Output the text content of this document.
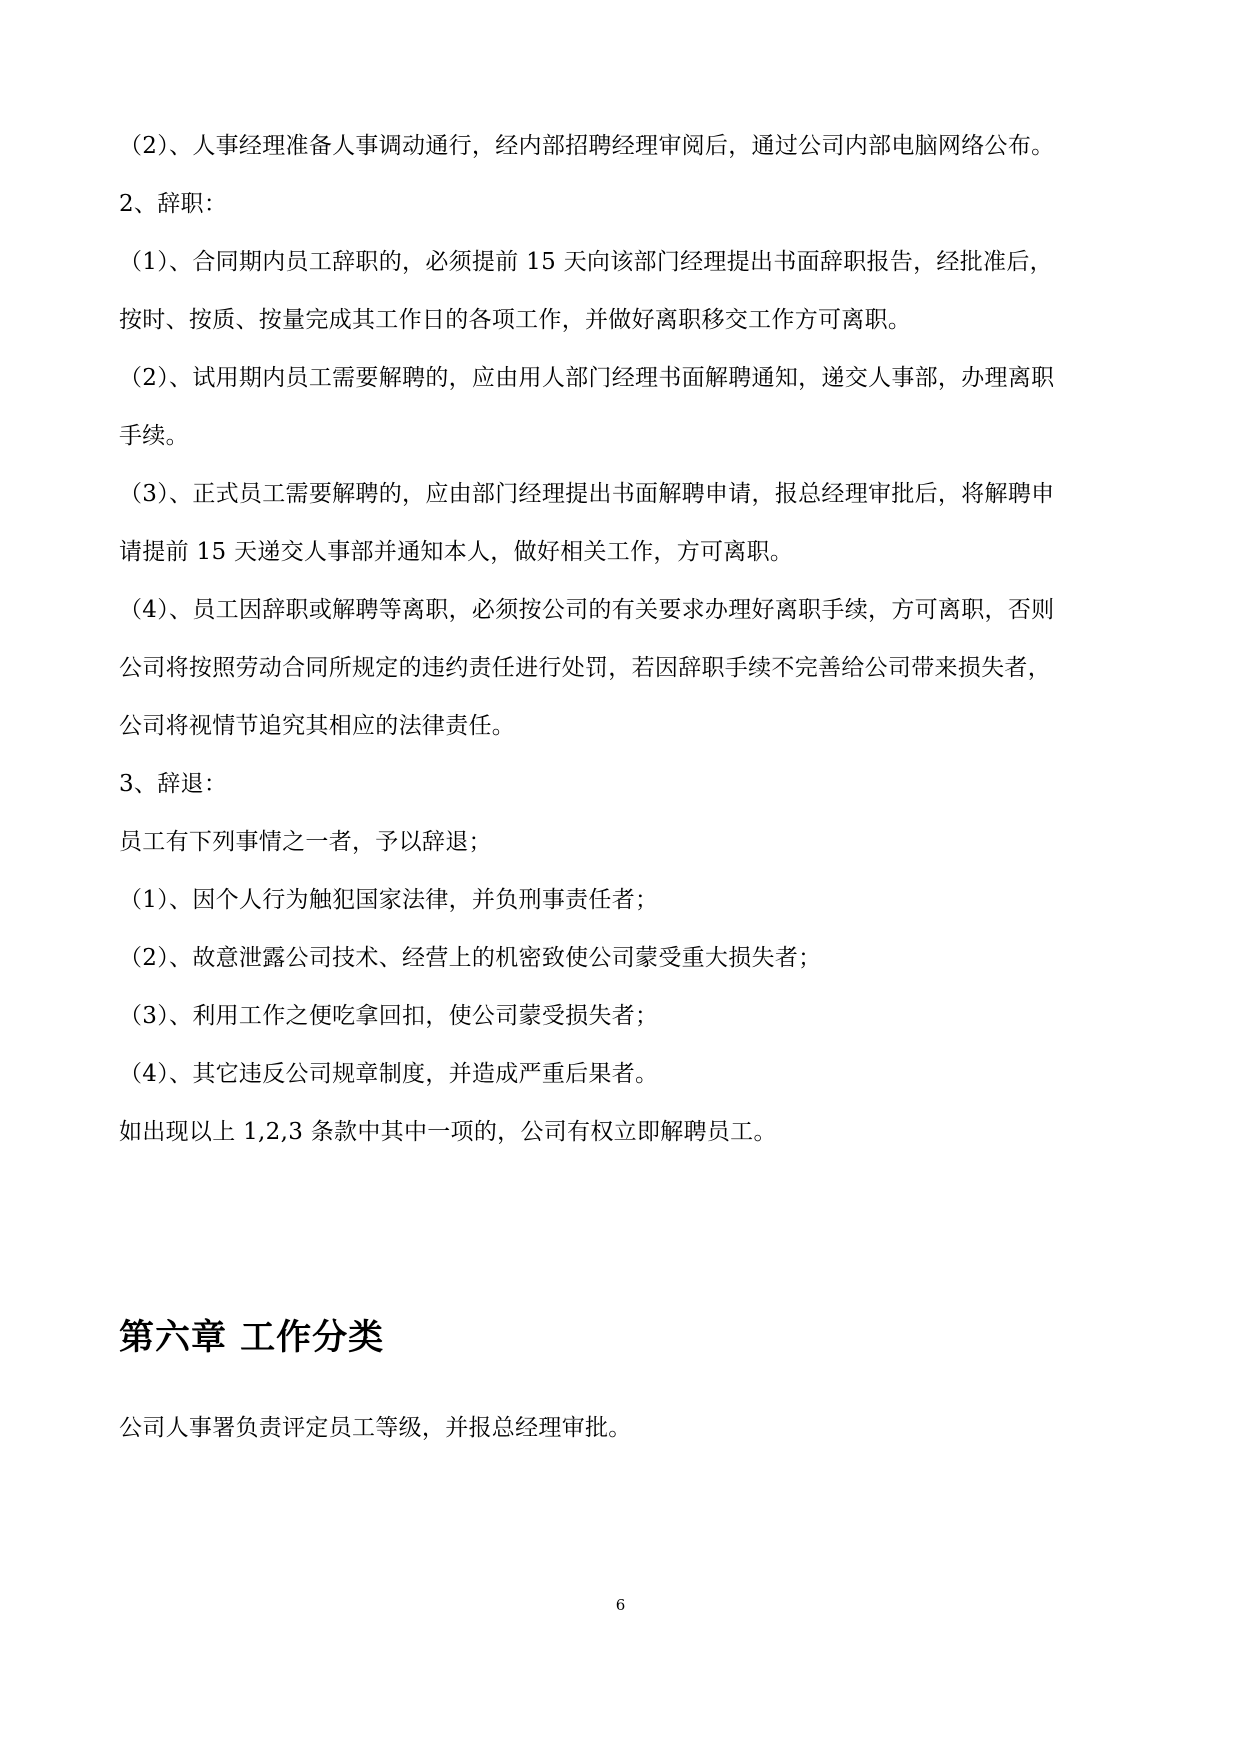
（2）、人事经理准备人事调动通行，经内部招聘经理审阅后，通过公司内部电脑网络公布。
2、辞职：
（1）、合同期内员工辞职的，必须提前 15 天向该部门经理提出书面辞职报告，经批准后，
按时、按质、按量完成其工作日的各项工作，并做好离职移交工作方可离职。
（2）、试用期内员工需要解聘的，应由用人部门经理书面解聘通知，递交人事部，办理离职
手续。
（3）、正式员工需要解聘的，应由部门经理提出书面解聘申请，报总经理审批后，将解聘申
请提前 15 天递交人事部并通知本人，做好相关工作，方可离职。
（4）、员工因辞职或解聘等离职，必须按公司的有关要求办理好离职手续，方可离职，否则
公司将按照劳动合同所规定的违约责任进行处罚，若因辞职手续不完善给公司带来损失者，
公司将视情节追究其相应的法律责任。
3、辞退：
员工有下列事情之一者，予以辞退；
（1）、因个人行为触犯国家法律，并负刑事责任者；
（2）、故意泄露公司技术、经营上的机密致使公司蒙受重大损失者；
（3）、利用工作之便吃拿回扣，使公司蒙受损失者；
（4）、其它违反公司规章制度，并造成严重后果者。
如出现以上 1,2,3 条款中其中一项的，公司有权立即解聘员工。
第六章 工作分类
公司人事署负责评定员工等级，并报总经理审批。
6
